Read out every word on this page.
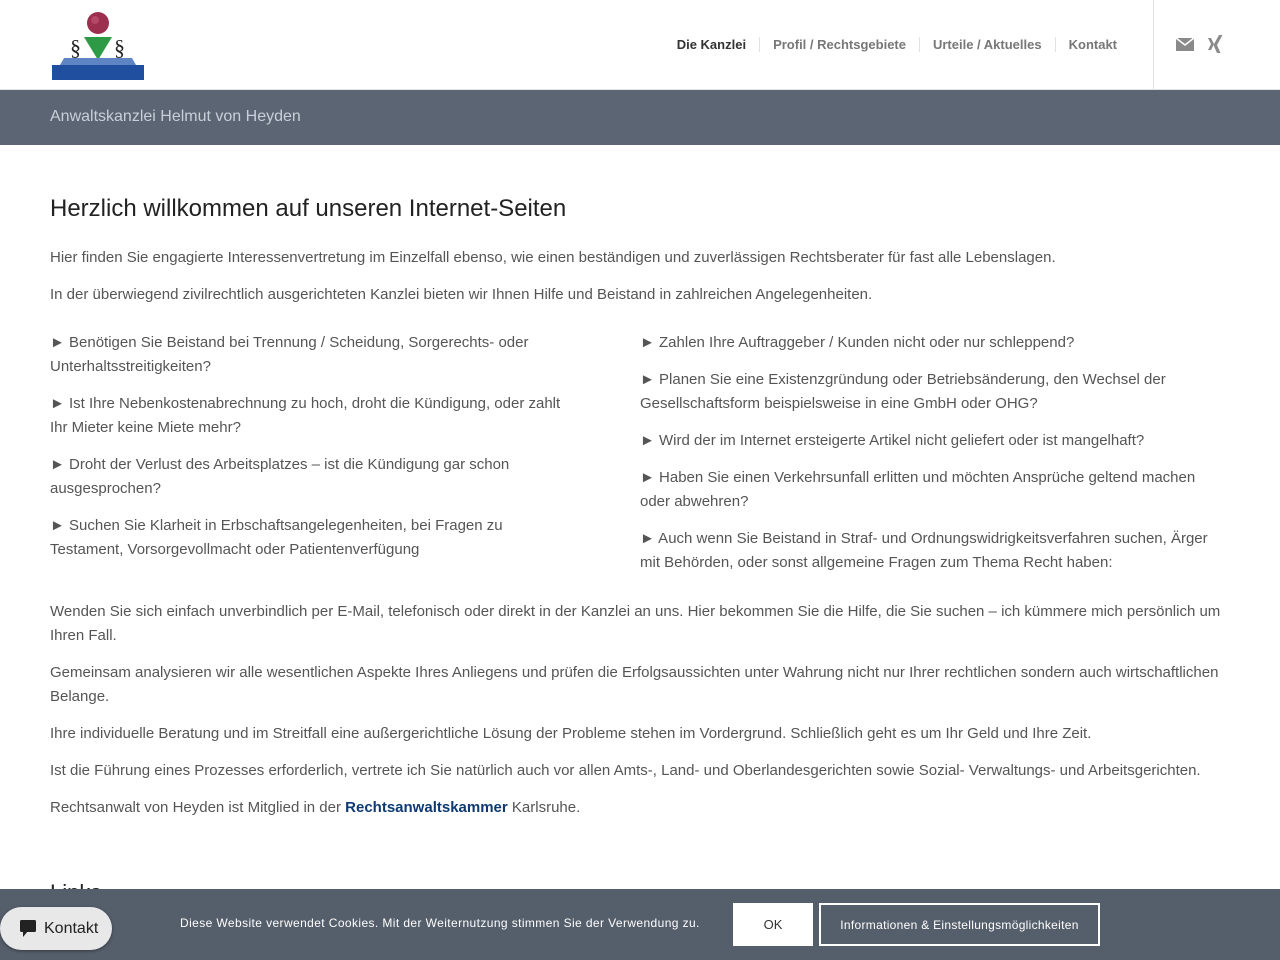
§ §	Die Kanzlei	Profil / Rechtsgebiete	Urteile / Aktuelles	Kontakt
Anwaltskanzlei Helmut von Heyden
Herzlich willkommen auf unseren Internet-Seiten

Hier finden Sie engagierte Interessenvertretung im Einzelfall ebenso, wie einen beständigen und zuverlässigen Rechtsberater für fast alle Lebenslagen.

In der überwiegend zivilrechtlich ausgerichteten Kanzlei bieten wir Ihnen Hilfe und Beistand in zahlreichen Angelegenheiten.

► Benötigen Sie Beistand bei Trennung / Scheidung, Sorgerechts- oder Unterhaltsstreitigkeiten?

► Ist Ihre Nebenkostenabrechnung zu hoch, droht die Kündigung, oder zahlt Ihr Mieter keine Miete mehr?

► Droht der Verlust des Arbeitsplatzes – ist die Kündigung gar schon ausgesprochen?

► Suchen Sie Klarheit in Erbschaftsangelegenheiten, bei Fragen zu Testament, Vorsorgevollmacht oder Patientenverfügung

► Zahlen Ihre Auftraggeber / Kunden nicht oder nur schleppend?

► Planen Sie eine Existenzgründung oder Betriebsänderung, den Wechsel der Gesellschaftsform beispielsweise in eine GmbH oder OHG?

► Wird der im Internet ersteigerte Artikel nicht geliefert oder ist mangelhaft?

► Haben Sie einen Verkehrsunfall erlitten und möchten Ansprüche geltend machen oder abwehren?

► Auch wenn Sie Beistand in Straf- und Ordnungswidrigkeitsverfahren suchen, Ärger mit Behörden, oder sonst allgemeine Fragen zum Thema Recht haben:

Wenden Sie sich einfach unverbindlich per E-Mail, telefonisch oder direkt in der Kanzlei an uns. Hier bekommen Sie die Hilfe, die Sie suchen – ich kümmere mich persönlich um Ihren Fall.

Gemeinsam analysieren wir alle wesentlichen Aspekte Ihres Anliegens und prüfen die Erfolgsaussichten unter Wahrung nicht nur Ihrer rechtlichen sondern auch wirtschaftlichen Belange.

Ihre individuelle Beratung und im Streitfall eine außergerichtliche Lösung der Probleme stehen im Vordergrund. Schließlich geht es um Ihr Geld und Ihre Zeit.

Ist die Führung eines Prozesses erforderlich, vertrete ich Sie natürlich auch vor allen Amts-, Land- und Oberlandesgerichten sowie Sozial- Verwaltungs- und Arbeitsgerichten.

Rechtsanwalt von Heyden ist Mitglied in der Rechtsanwaltskammer Karlsruhe.

Diese Website verwendet Cookies. Mit der Weiternutzung stimmen Sie der Verwendung zu.	OK	Informationen & Einstellungsmöglichkeiten
Kontakt
